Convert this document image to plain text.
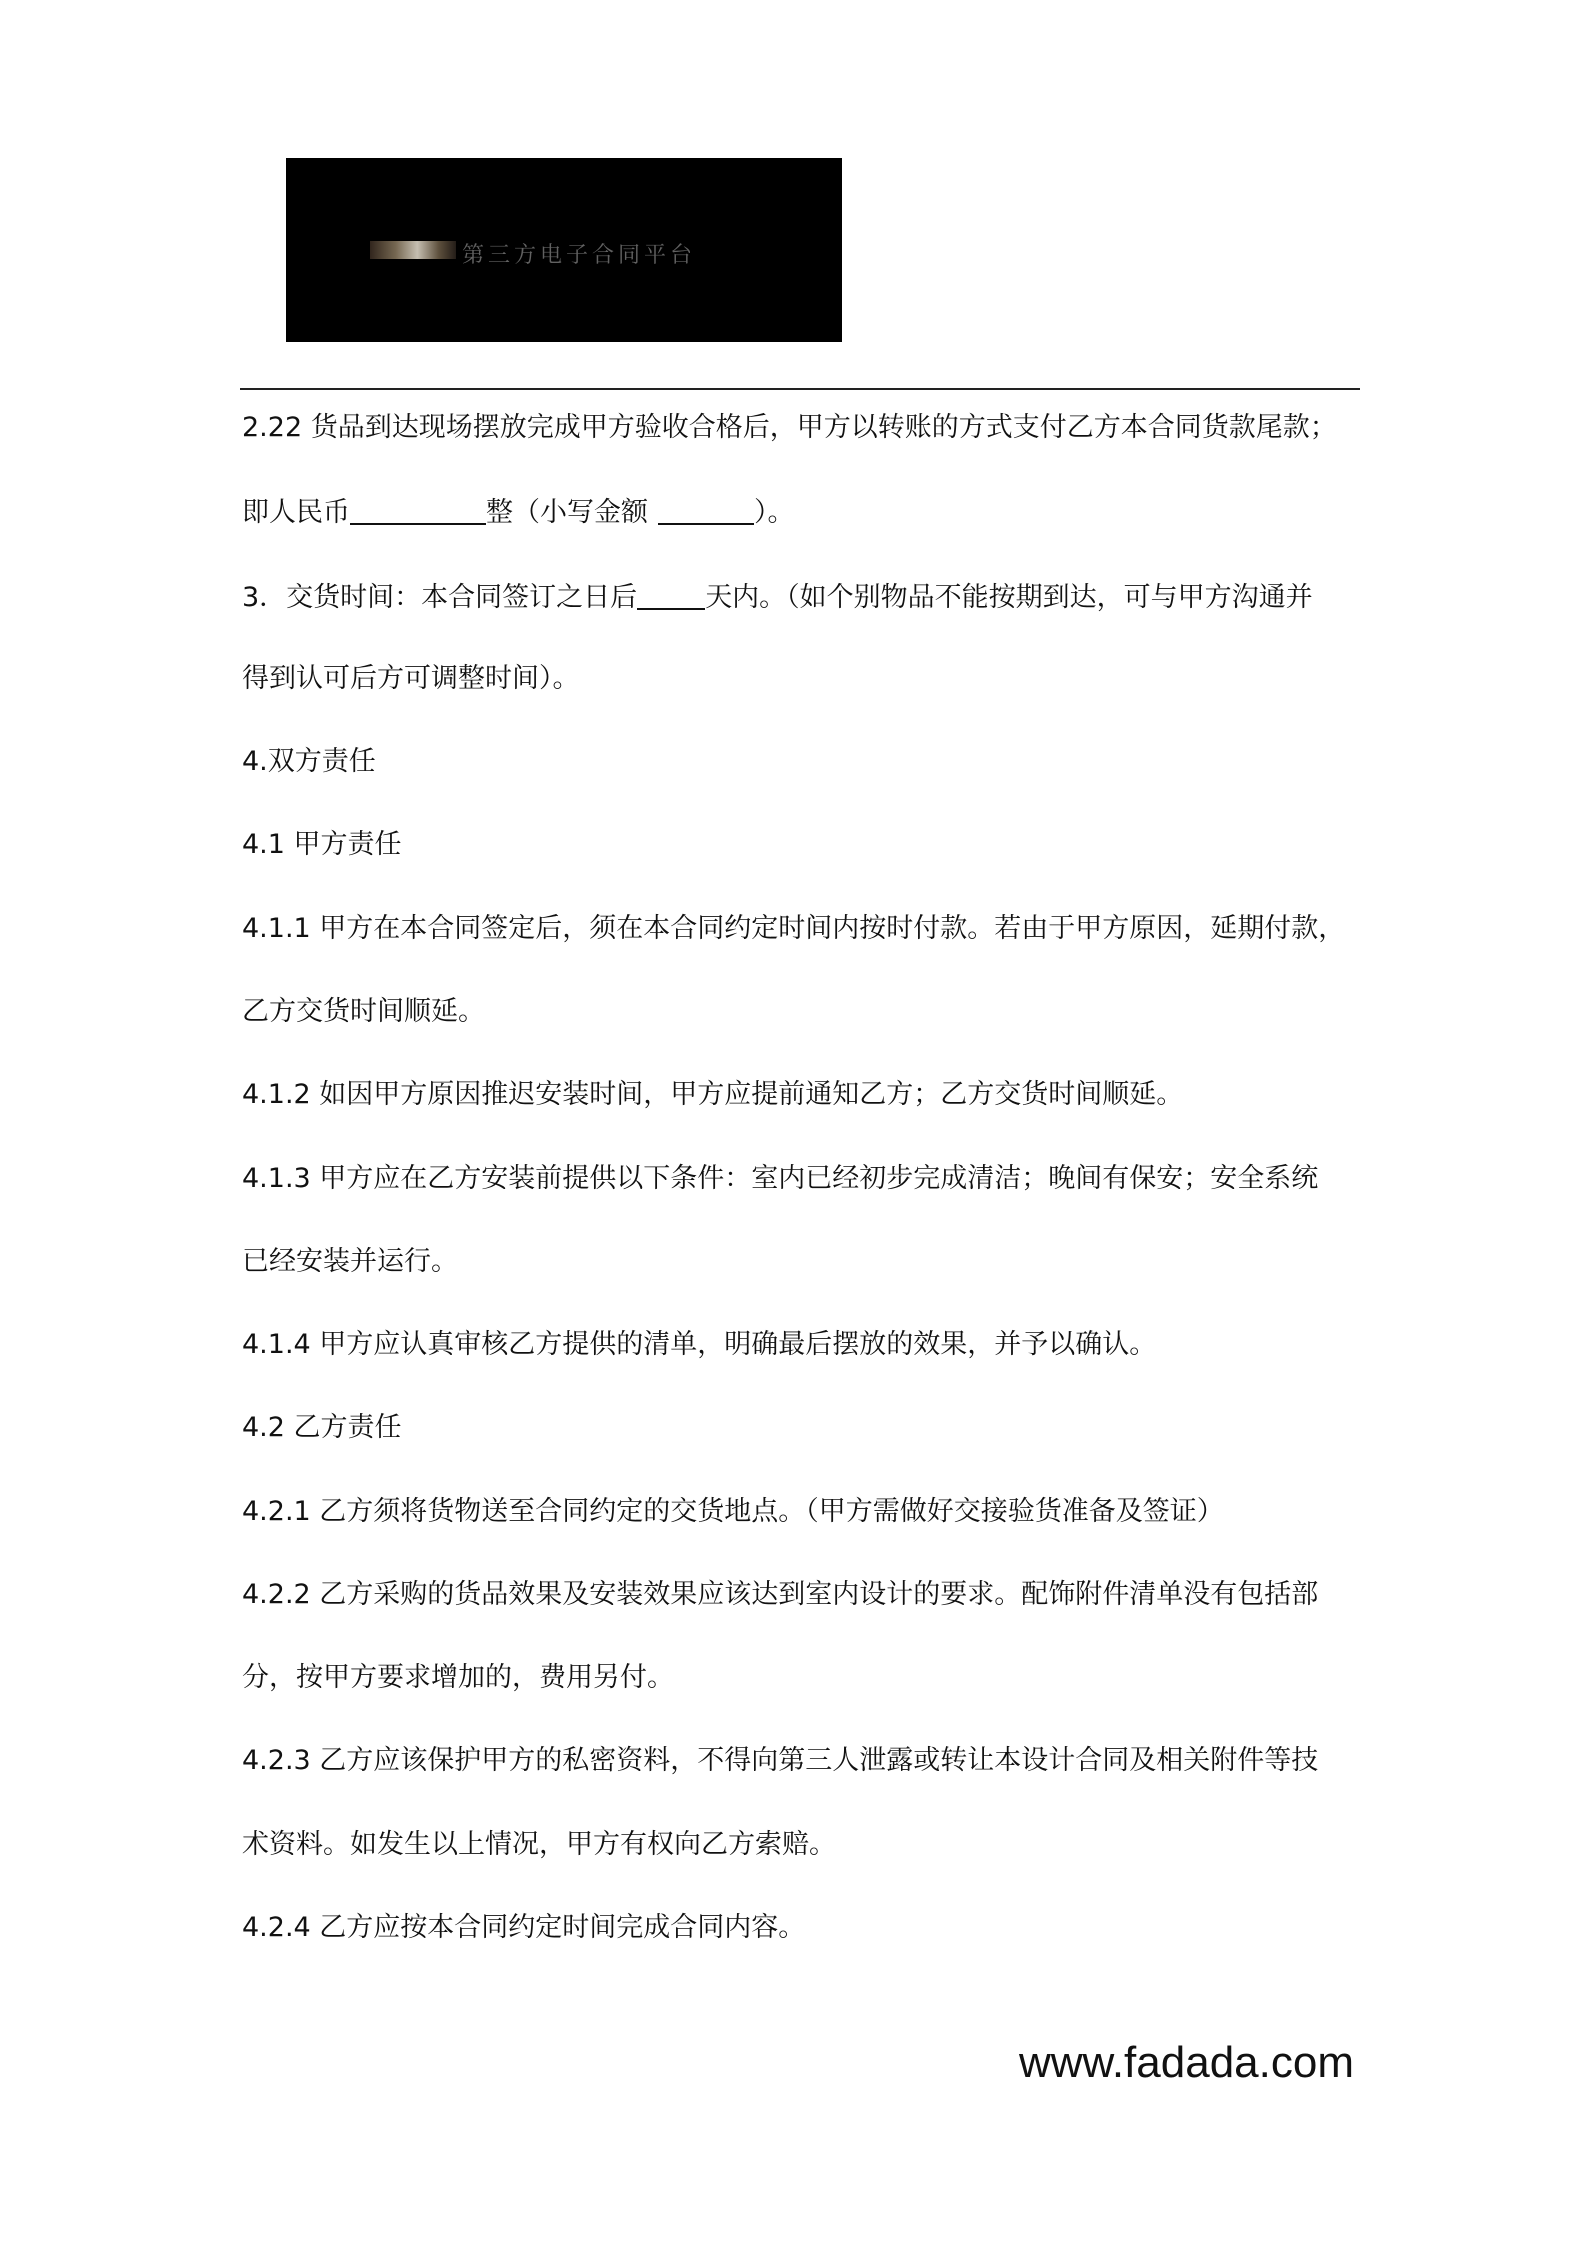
第三方电子合同平台
2.22 货品到达现场摆放完成甲方验收合格后，甲方以转账的方式支付乙方本合同货款尾款；
即人民币	整（小写金额	）。
3．交货时间：本合同签订之日后	天内。（如个别物品不能按期到达，可与甲方沟通并
得到认可后方可调整时间）。
4.双方责任
4.1 甲方责任
4.1.1 甲方在本合同签定后，须在本合同约定时间内按时付款。若由于甲方原因，延期付款，
乙方交货时间顺延。
4.1.2 如因甲方原因推迟安装时间，甲方应提前通知乙方；乙方交货时间顺延。
4.1.3 甲方应在乙方安装前提供以下条件：室内已经初步完成清洁；晚间有保安；安全系统
已经安装并运行。
4.1.4 甲方应认真审核乙方提供的清单，明确最后摆放的效果，并予以确认。
4.2 乙方责任
4.2.1 乙方须将货物送至合同约定的交货地点。（甲方需做好交接验货准备及签证）
4.2.2 乙方采购的货品效果及安装效果应该达到室内设计的要求。配饰附件清单没有包括部
分，按甲方要求增加的，费用另付。
4.2.3 乙方应该保护甲方的私密资料，不得向第三人泄露或转让本设计合同及相关附件等技
术资料。如发生以上情况，甲方有权向乙方索赔。
4.2.4 乙方应按本合同约定时间完成合同内容。
www.fadada.com
